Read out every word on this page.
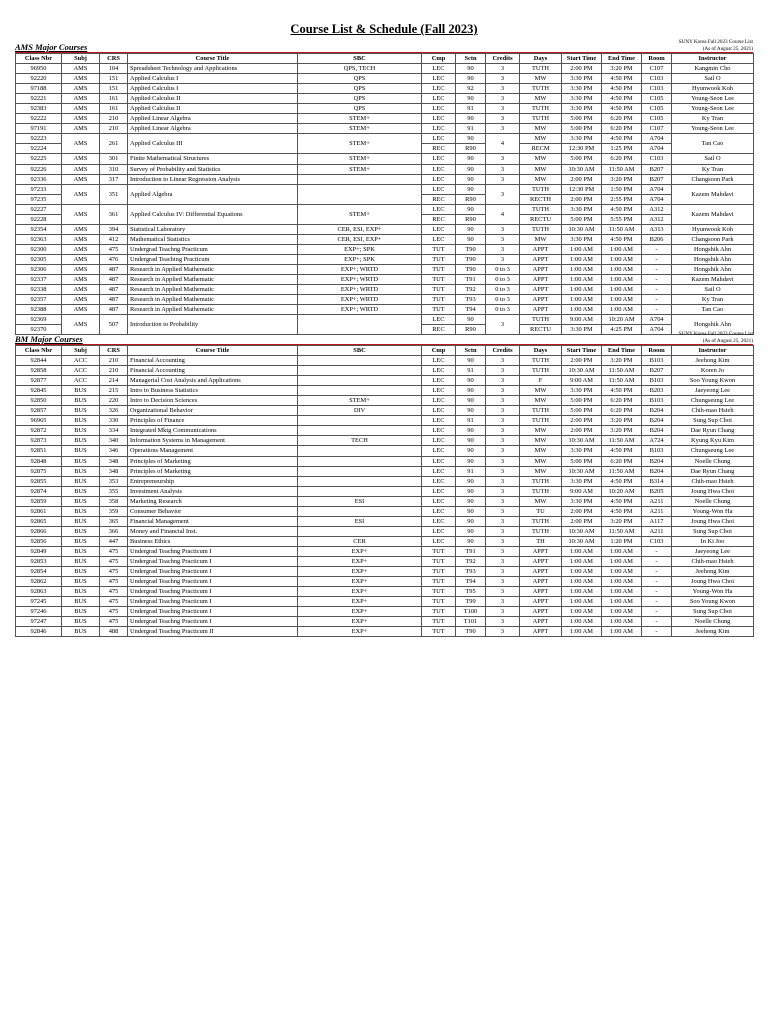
Course List & Schedule (Fall 2023)
AMS Major Courses	SUNY Korea Fall 2023 Course List
(As of August 25, 2021)
Class Nbr	Subj	CRS	Course Title	SBC	Cmp	Sctn	Credits	Days	Start Time	End Time	Room	Instructor
96950	AMS	104	Spreadsheet Technology and Applications	QPS, TECH	LEC	90	3	TUTH	2:00 PM	3:20 PM	C107	Kangmin Cho
92220	AMS	151	Applied Calculus I	QPS	LEC	90	3	MW	3:30 PM	4:50 PM	C103	Sail O
97188	AMS	151	Applied Calculus I	QPS	LEC	92	3	TUTH	3:30 PM	4:50 PM	C103	Hyunwook Koh
92221	AMS	161	Applied Calculus II	QPS	LEC	90	3	MW	3:30 PM	4:50 PM	C105	Young-Seon Lee
92383	AMS	161	Applied Calculus II	QPS	LEC	91	3	TUTH	3:30 PM	4:50 PM	C105	Young-Seon Lee
92222	AMS	210	Applied Linear Algebra	STEM+	LEC	90	3	TUTH	5:00 PM	6:20 PM	C105	Ky Tran
97191	AMS	210	Applied Linear Algebra	STEM+	LEC	91	3	MW	5:00 PM	6:20 PM	C107	Young-Seon Lee
92223	AMS	261	Applied Calculus III	STEM+	LEC	90	4	MW	3:30 PM	4:50 PM	A704	Tan Cao
92224					REC	R90		RECM	12:30 PM	1:25 PM	A704	
92225	AMS	301	Finite Mathematical Structures	STEM+	LEC	90	3	MW	5:00 PM	6:20 PM	C103	Sail O
92226	AMS	310	Survey of Probability and Statistics	STEM+	LEC	90	3	MW	10:30 AM	11:50 AM	B207	Ky Tran
92336	AMS	317	Introduction to Linear Regression Analysis		LEC	90	3	MW	2:00 PM	3:20 PM	B207	Changsoon Park
97233	AMS	351	Applied Algebra		LEC	90	3	TUTH	12:30 PM	1:50 PM	A704	Kazem Mahdavi
97235					REC	R90		RECTH	2:00 PM	2:55 PM	A704	
92227	AMS	361	Applied Calculus IV: Differential Equations	STEM+	LEC	90	4	TUTH	3:30 PM	4:50 PM	A312	Kazem Mahdavi
92228					REC	R90		RECTU	5:00 PM	5:55 PM	A312	
92354	AMS	394	Statistical Laboratory	CER, ESI, EXP+	LEC	90	3	TUTH	10:30 AM	11:50 AM	A313	Hyunwook Koh
92363	AMS	412	Mathematical Statistics	CER, ESI, EXP+	LEC	90	3	MW	3:30 PM	4:50 PM	B206	Changsoon Park
92300	AMS	475	Undergrad Teachng Practicum	EXP+; SPK	TUT	T90	3	APPT	1:00 AM	1:00 AM	-	Hongshik Ahn
92305	AMS	476	Undergrad Teaching Practicum	EXP+; SPK	TUT	T90	3	APPT	1:00 AM	1:00 AM	-	Hongshik Ahn
92306	AMS	487	Research in Applied Mathematic	EXP+; WRTD	TUT	T90	0 to 3	APPT	1:00 AM	1:00 AM	-	Hongshik Ahn
92337	AMS	487	Research in Applied Mathematic	EXP+; WRTD	TUT	T91	0 to 3	APPT	1:00 AM	1:00 AM	-	Kazem Mahdavi
92338	AMS	487	Research in Applied Mathematic	EXP+; WRTD	TUT	T92	0 to 3	APPT	1:00 AM	1:00 AM	-	Sail O
92357	AMS	487	Research in Applied Mathematic	EXP+; WRTD	TUT	T93	0 to 3	APPT	1:00 AM	1:00 AM	-	Ky Tran
92388	AMS	487	Research in Applied Mathematic	EXP+; WRTD	TUT	T94	0 to 3	APPT	1:00 AM	1:00 AM	-	Tan Cao
92369	AMS	507	Introduction to Probability		LEC	90	3	TUTH	9:00 AM	10:20 AM	A704	Hongshik Ahn
92370					REC	R90		RECTU	3:30 PM	4:25 PM	A704	
BM Major Courses	SUNY Korea Fall 2023 Course List
(As of August 25, 2021)
Class Nbr	Subj	CRS	Course Title	SBC	Cmp	Sctn	Credits	Days	Start Time	End Time	Room	Instructor
92844	ACC	210	Financial Accounting		LEC	90	3	TUTH	2:00 PM	3:20 PM	B103	Jeehong Kim
92858	ACC	210	Financial Accounting		LEC	91	3	TUTH	10:30 AM	11:50 AM	B207	Koren Jo
92877	ACC	214	Managerial Cost Analysis and Applications		LEC	90	3	F	9:00 AM	11:50 AM	B103	Soo Young Kwon
92845	BUS	215	Intro to Business Statistics		LEC	90	3	MW	3:30 PM	4:50 PM	B203	Jaeyeong Lee
92850	BUS	220	Intro to Decision Sciences	STEM+	LEC	90	3	MW	5:00 PM	6:20 PM	B103	Chungseung Lee
92857	BUS	326	Organizational Behavior	DIV	LEC	90	3	TUTH	5:00 PM	6:20 PM	B204	Chih-mao Hsieh
96965	BUS	330	Principles of Finance		LEC	91	3	TUTH	2:00 PM	3:20 PM	B204	Sung Sup Choi
92872	BUS	334	Integrated Mktg Communications		LEC	90	3	MW	2:00 PM	3:20 PM	B204	Dae Ryun Chang
92873	BUS	340	Information Systems in Management	TECH	LEC	90	3	MW	10:30 AM	11:50 AM	A724	Kyung Kyu Kim
92851	BUS	346	Operations Management		LEC	90	3	MW	3:30 PM	4:50 PM	B103	Chungseung Lee
92848	BUS	348	Principles of Marketing		LEC	90	3	MW	5:00 PM	6:20 PM	B204	Noelle Chung
92875	BUS	348	Principles of Marketing		LEC	91	3	MW	10:30 AM	11:50 AM	B204	Dae Ryun Chang
92855	BUS	353	Entrepreneurship		LEC	90	3	TUTH	3:30 PM	4:50 PM	B314	Chih-mao Hsieh
92874	BUS	355	Investment Analysis		LEC	90	3	TUTH	9:00 AM	10:20 AM	B205	Joung Hwa Choi
92859	BUS	358	Marketing Research	ESI	LEC	90	3	MW	3:30 PM	4:50 PM	A211	Noelle Chung
92861	BUS	359	Consumer Behavior		LEC	90	3	TU	2:00 PM	4:50 PM	A211	Young-Won Ha
92865	BUS	365	Financial Management	ESI	LEC	90	3	TUTH	2:00 PM	3:20 PM	A117	Joung Hwa Choi
92866	BUS	366	Money and Financial Inst.		LEC	90	3	TUTH	10:30 AM	11:50 AM	A211	Sung Sup Choi
92856	BUS	447	Business Ethics	CER	LEC	90	3	TH	10:30 AM	1:20 PM	C103	In Ki Joo
92849	BUS	475	Undergrad Teachng Practicum I	EXP+	TUT	T91	3	APPT	1:00 AM	1:00 AM	-	Jaeyeong Lee
92853	BUS	475	Undergrad Teachng Practicum I	EXP+	TUT	T92	3	APPT	1:00 AM	1:00 AM	-	Chih-mao Hsieh
92854	BUS	475	Undergrad Teachng Practicum I	EXP+	TUT	T93	3	APPT	1:00 AM	1:00 AM	-	Jeehong Kim
92862	BUS	475	Undergrad Teachng Practicum I	EXP+	TUT	T94	3	APPT	1:00 AM	1:00 AM	-	Joung Hwa Choi
92863	BUS	475	Undergrad Teachng Practicum I	EXP+	TUT	T95	3	APPT	1:00 AM	1:00 AM	-	Young-Won Ha
97245	BUS	475	Undergrad Teachng Practicum I	EXP+	TUT	T99	3	APPT	1:00 AM	1:00 AM	-	Soo Young Kwon
97246	BUS	475	Undergrad Teachng Practicum I	EXP+	TUT	T100	3	APPT	1:00 AM	1:00 AM	-	Sung Sup Choi
97247	BUS	475	Undergrad Teachng Practicum I	EXP+	TUT	T101	3	APPT	1:00 AM	1:00 AM	-	Noelle Chung
92846	BUS	488	Undergrad Teachng Practicum II	EXP+	TUT	T90	3	APPT	1:00 AM	1:00 AM	-	Jeehong Kim
